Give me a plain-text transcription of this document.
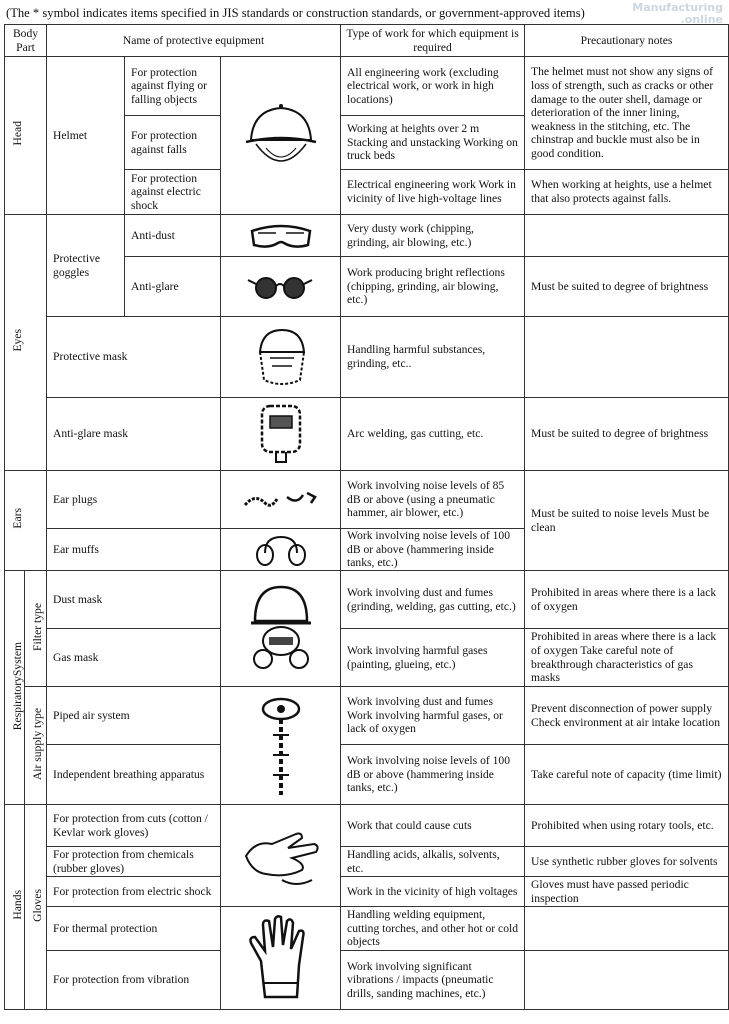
(The * symbol indicates items specified in JIS standards or construction standards, or government-approved items)	Manufacturing
.online
Body Part		Name of protective equipment			Type of work for which equipment is required	Precautionary notes
Head		Helmet	For protection against flying or falling objects		All engineering work (excluding electrical work, or work in high locations)	The helmet must not show any signs of loss of strength, such as cracks or other damage to the outer shell, damage or deterioration of the inner lining, weakness in the stitching, etc. The chinstrap and buckle must also be in good condition.
			For protection against falls		Working at heights over 2 m Stacking and unstacking Working on truck beds	
			For protection against electric shock		Electrical engineering work Work in vicinity of live high-voltage lines	When working at heights, use a helmet that also protects against falls.
Eyes		Protective goggles	Anti-dust		Very dusty work (chipping, grinding, air blowing, etc.)	
			Anti-glare		Work producing bright reflections (chipping, grinding, air blowing, etc.)	Must be suited to degree of brightness
		Protective mask			Handling harmful substances, grinding, etc..	
		Anti-glare mask			Arc welding, gas cutting, etc.	Must be suited to degree of brightness
Ears		Ear plugs			Work involving noise levels of 85 dB or above (using a pneumatic hammer, air blower, etc.)	Must be suited to noise levels Must be clean
		Ear muffs			Work involving noise levels of 100 dB or above (hammering inside tanks, etc.)	
RespiratorySystem	Filter type	Dust mask			Work involving dust and fumes (grinding, welding, gas cutting, etc.)	Prohibited in areas where there is a lack of oxygen
		Gas mask			Work involving harmful gases (painting, glueing, etc.)	Prohibited in areas where there is a lack of oxygen Take careful note of breakthrough characteristics of gas masks
	Air supply type	Piped air system			Work involving dust and fumes Work involving harmful gases, or lack of oxygen	Prevent disconnection of power supply Check environment at air intake location
		Independent breathing apparatus			Work involving noise levels of 100 dB or above (hammering inside tanks, etc.)	Take careful note of capacity (time limit)
Hands	Gloves	For protection from cuts (cotton / Kevlar work gloves)			Work that could cause cuts	Prohibited when using rotary tools, etc.
		For protection from chemicals (rubber gloves)			Handling acids, alkalis, solvents, etc.	Use synthetic rubber gloves for solvents
		For protection from electric shock			Work in the vicinity of high voltages	Gloves must have passed periodic inspection
		For thermal protection			Handling welding equipment, cutting torches, and other hot or cold objects	
		For protection from vibration			Work involving significant vibrations / impacts (pneumatic drills, sanding machines, etc.)	
